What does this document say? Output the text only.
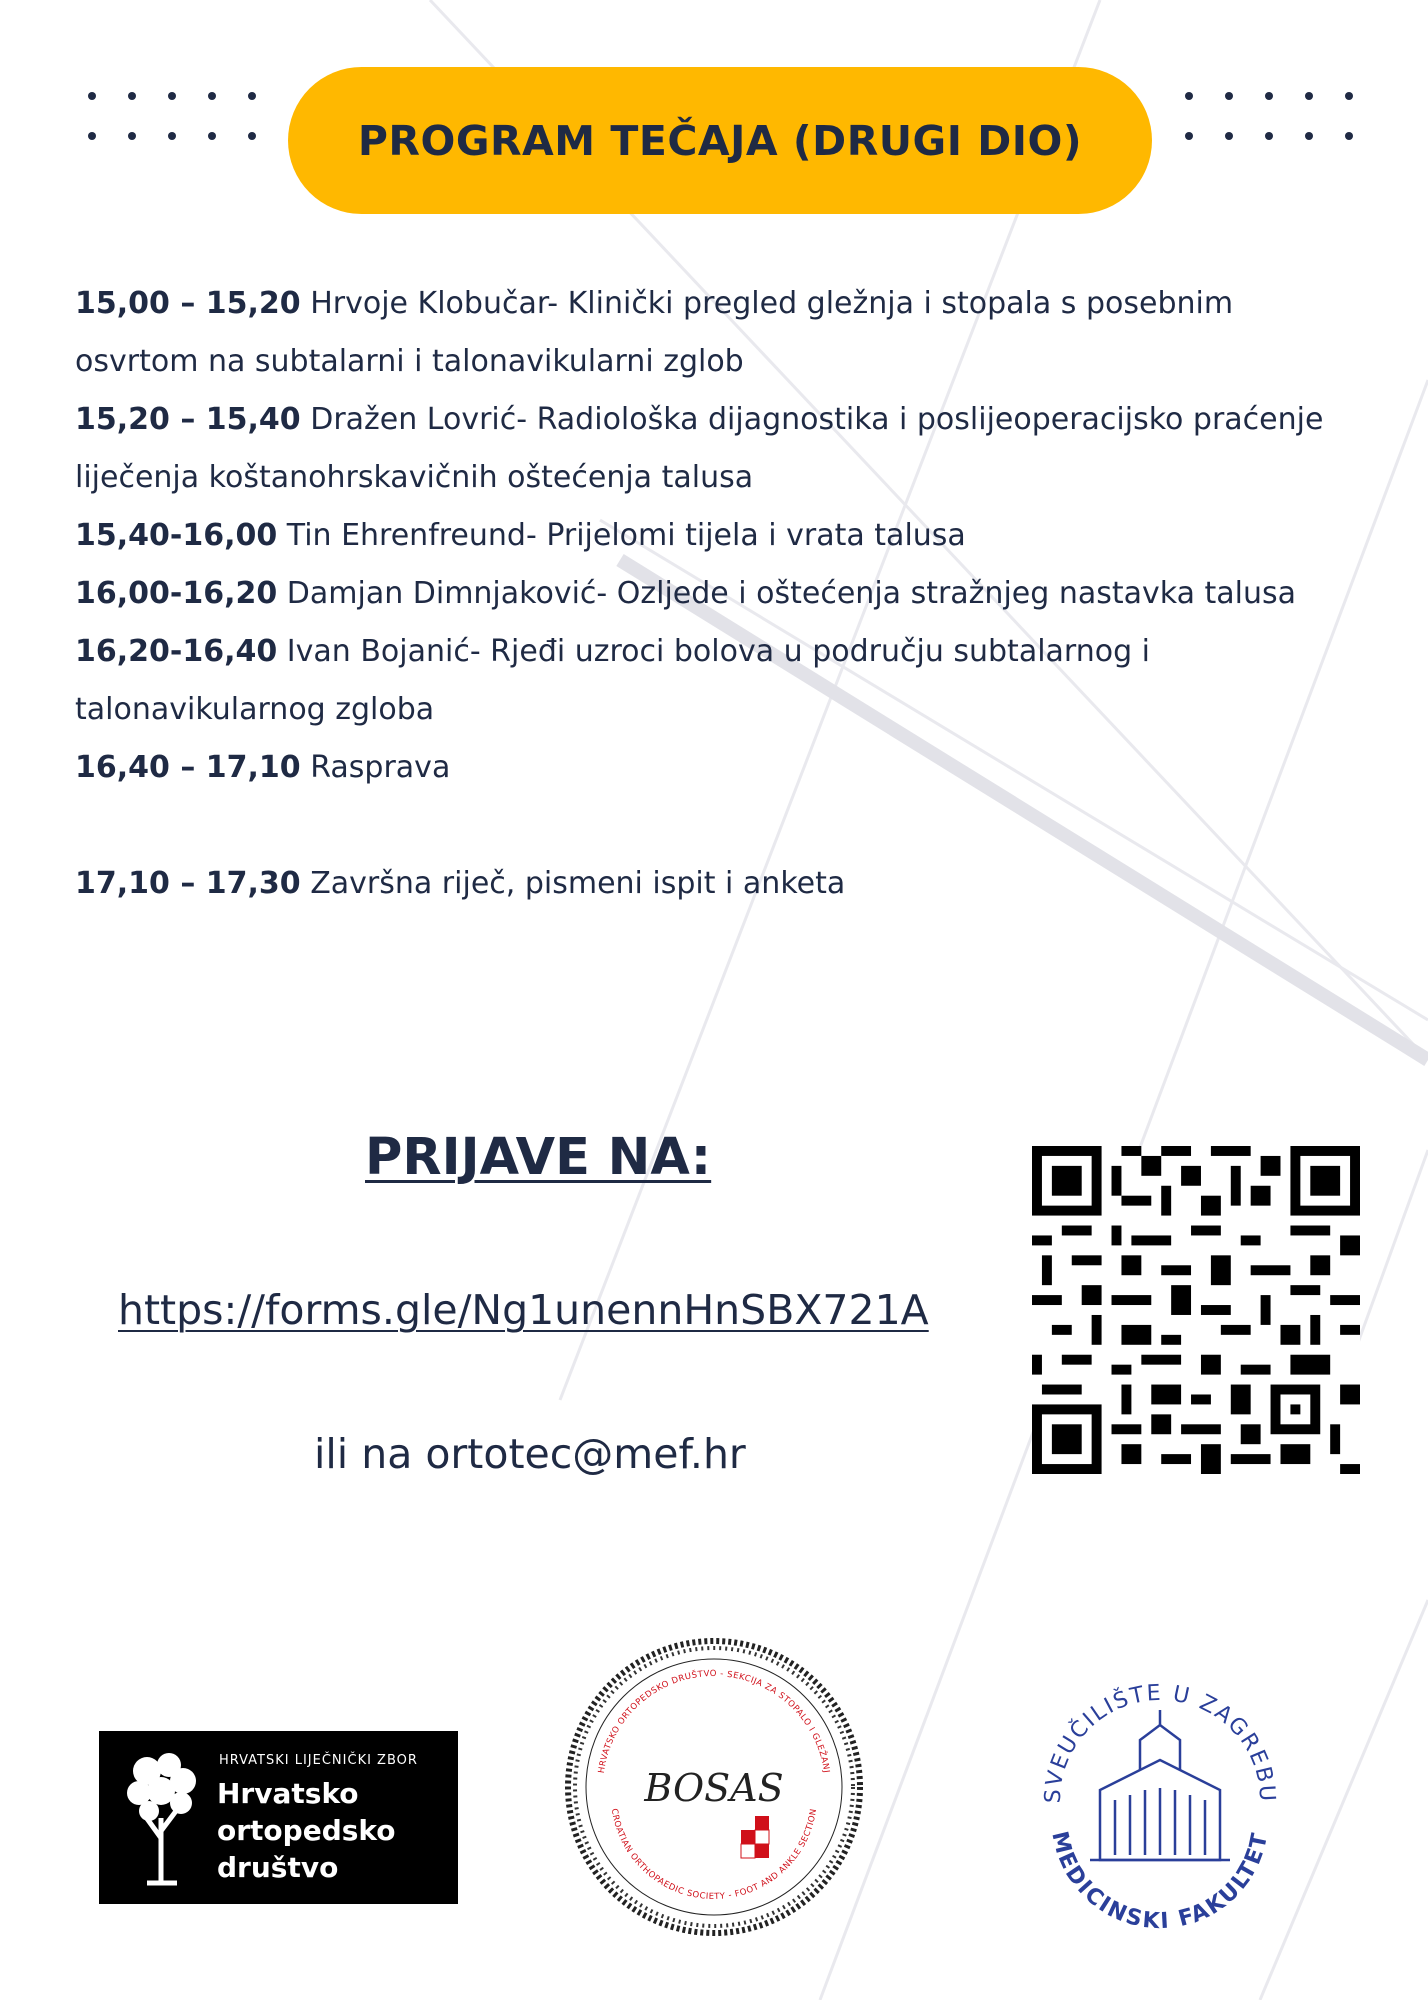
PROGRAM TEČAJA (DRUGI DIO)
15,00 – 15,20 Hrvoje Klobučar- Klinički pregled gležnja i stopala s posebnim osvrtom na subtalarni i talonavikularni zglob
15,20 – 15,40 Dražen Lovrić- Radiološka dijagnostika i poslijeoperacijsko praćenje liječenja koštanohrskavičnih oštećenja talusa
15,40-16,00 Tin Ehrenfreund- Prijelomi tijela i vrata talusa
16,00-16,20 Damjan Dimnjaković- Ozljede i oštećenja stražnjeg nastavka talusa
16,20-16,40 Ivan Bojanić- Rjeđi uzroci bolova u području subtalarnog i talonavikularnog zgloba
16,40 – 17,10 Rasprava
17,10 – 17,30 Završna riječ, pismeni ispit i anketa
PRIJAVE NA:
https://forms.gle/Ng1unennHnSBX721A
ili na ortotec@mef.hr
HRVATSKI LIJEČNIČKI ZBOR
Hrvatsko
ortopedsko
društvo
HRVATSKO ORTOPEDSKO DRUŠTVO - SEKCIJA ZA STOPALO I GLEŽANJ
CROATIAN ORTHOPAEDIC SOCIETY - FOOT AND ANKLE SECTION
BOSAS	SVEUČILIŠTE U ZAGREBU
MEDICINSKI FAKULTET
